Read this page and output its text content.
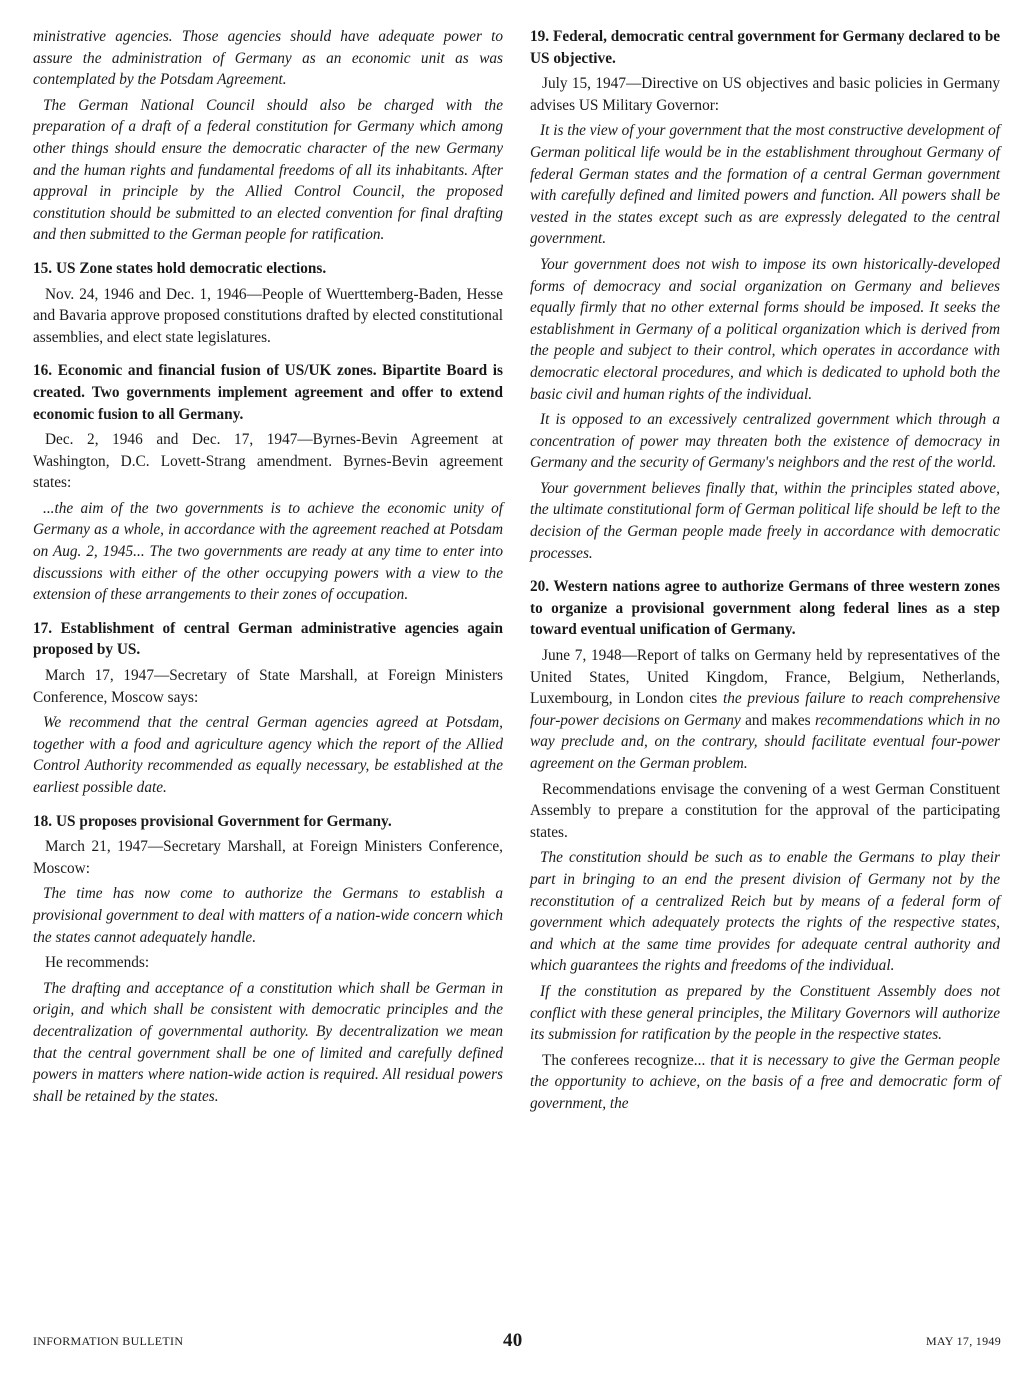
ministrative agencies. Those agencies should have adequate power to assure the administration of Germany as an economic unit as was contemplated by the Potsdam Agreement.

The German National Council should also be charged with the preparation of a draft of a federal constitution for Germany which among other things should ensure the democratic character of the new Germany and the human rights and fundamental freedoms of all its inhabitants. After approval in principle by the Allied Control Council, the proposed constitution should be submitted to an elected convention for final drafting and then submitted to the German people for ratification.

15. US Zone states hold democratic elections.

Nov. 24, 1946 and Dec. 1, 1946—People of Wuerttemberg-Baden, Hesse and Bavaria approve proposed constitutions drafted by elected constitutional assemblies, and elect state legislatures.

16. Economic and financial fusion of US/UK zones. Bipartite Board is created. Two governments implement agreement and offer to extend economic fusion to all Germany.

Dec. 2, 1946 and Dec. 17, 1947—Byrnes-Bevin Agreement at Washington, D.C. Lovett-Strang amendment. Byrnes-Bevin agreement states:

...the aim of the two governments is to achieve the economic unity of Germany as a whole, in accordance with the agreement reached at Potsdam on Aug. 2, 1945... The two governments are ready at any time to enter into discussions with either of the other occupying powers with a view to the extension of these arrangements to their zones of occupation.

17. Establishment of central German administrative agencies again proposed by US.

March 17, 1947—Secretary of State Marshall, at Foreign Ministers Conference, Moscow says:

We recommend that the central German agencies agreed at Potsdam, together with a food and agriculture agency which the report of the Allied Control Authority recommended as equally necessary, be established at the earliest possible date.

18. US proposes provisional Government for Germany.

March 21, 1947—Secretary Marshall, at Foreign Ministers Conference, Moscow:

The time has now come to authorize the Germans to establish a provisional government to deal with matters of a nation-wide concern which the states cannot adequately handle.

He recommends:

The drafting and acceptance of a constitution which shall be German in origin, and which shall be consistent with democratic principles and the decentralization of governmental authority. By decentralization we mean that the central government shall be one of limited and carefully defined powers in matters where nation-wide action is required. All residual powers shall be retained by the states.

19. Federal, democratic central government for Germany declared to be US objective.

July 15, 1947—Directive on US objectives and basic policies in Germany advises US Military Governor:

It is the view of your government that the most constructive development of German political life would be in the establishment throughout Germany of federal German states and the formation of a central German government with carefully defined and limited powers and function. All powers shall be vested in the states except such as are expressly delegated to the central government.

Your government does not wish to impose its own historically-developed forms of democracy and social organization on Germany and believes equally firmly that no other external forms should be imposed. It seeks the establishment in Germany of a political organization which is derived from the people and subject to their control, which operates in accordance with democratic electoral procedures, and which is dedicated to uphold both the basic civil and human rights of the individual.

It is opposed to an excessively centralized government which through a concentration of power may threaten both the existence of democracy in Germany and the security of Germany's neighbors and the rest of the world.

Your government believes finally that, within the principles stated above, the ultimate constitutional form of German political life should be left to the decision of the German people made freely in accordance with democratic processes.

20. Western nations agree to authorize Germans of three western zones to organize a provisional government along federal lines as a step toward eventual unification of Germany.

June 7, 1948—Report of talks on Germany held by representatives of the United States, United Kingdom, France, Belgium, Netherlands, Luxembourg, in London cites the previous failure to reach comprehensive four-power decisions on Germany and makes recommendations which in no way preclude and, on the contrary, should facilitate eventual four-power agreement on the German problem.

Recommendations envisage the convening of a west German Constituent Assembly to prepare a constitution for the approval of the participating states.

The constitution should be such as to enable the Germans to play their part in bringing to an end the present division of Germany not by the reconstitution of a centralized Reich but by means of a federal form of government which adequately protects the rights of the respective states, and which at the same time provides for adequate central authority and which guarantees the rights and freedoms of the individual.

If the constitution as prepared by the Constituent Assembly does not conflict with these general principles, the Military Governors will authorize its submission for ratification by the people in the respective states.

The conferees recognize... that it is necessary to give the German people the opportunity to achieve, on the basis of a free and democratic form of government, the

INFORMATION BULLETIN	40	MAY 17, 1949
